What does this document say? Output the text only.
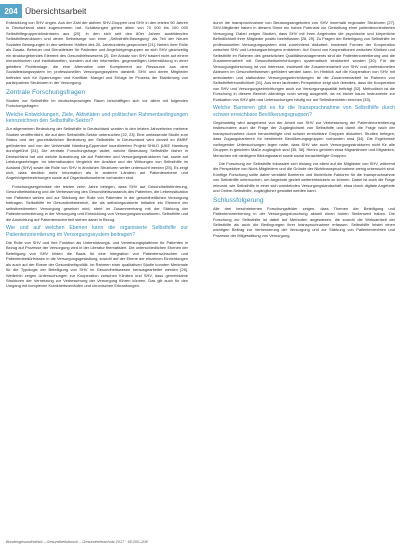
204 Übersichtsarbeit

Entwicklung von SHV ungen. Aus der Zahl der aktiven SHV-Gruppen und SHV in den letzten 50 Jahren in Deutschland stark zugenommen hat. Schätzungen gehen allein von 70 000 bis 100 000 Selbsthilfegruppenbündnissen aus [20]. In den sich seit den 80er Jahren ausbildenden Selbsthilfestrukturen und deren Selbstsorge von einer „Selbsthilfe-Bewegung“ als Teil der Neuen Sozialen Bewegungen in den weiteren Hälften des 20. Jahrhunderts gesprochen [21]. Neben ihrer Rolle als Zusatz- Betreuer und Dienstleister für Patienten und Angehörigengruppen an sich SHV gleichzeitig ein strukturgebendes Element des Gesundheitswesens [2]. Der Ansatz von SHV basiert nicht auf einem hierarchischen und institutionellen, sondern auf der informellen, gegenseitigen Unterstützung in einer geteilten Problemlage, die eine Alternative oder Komplement zur Ressource aus dem Sozialleistungssystem im professionellen Versorgungssystem darstellt. SHV und deren Mitglieder befinden sich für Spannungen und Konflikte. Mangel und Erfolge im Prozess der Etablierung von partizipativen Strukturen in der Versorgung.

Zentrale Forschungsfragen

Studien zur Selbsthilfe im deutschsprachigen Raum beschäftigen sich vor allem mit folgenden Forschungsfragen:

Welche Entwicklungen, Ziele, Aktivitäten und politischen Rahmenbedingungen kennzeichnen den Selbsthilfe-Sektor?

Zur allgemeinen Bedeutung der Selbsthilfe in Deutschland wurden in den letzten Jahrzehnten mehrere Studien veröffentlicht, die auf dem Selbsthilfe-Sektor untersuchen [22, 23]. Eine umfassende Studie zum Status und der grundsätzlichen Bedeutung der Selbsthilfe in Deutschland wird derzeit im BMBF geförderten und von der Universität Hamburg-Eppendorf koordinierten Projekt SHILD (UKE Hamburg durchgeführt [24]. Die zentrale Forschungsfrage lautet, welche Bedeutung Selbsthilfe bisher in Deutschland hat und welche Auswirkung sie auf Patienten und Versorgungsstrukturen hat, sowie auf Leistungserbringer. Im internationalen Vergleich der Ansätze und der Wirkungen von Selbsthilfe im Ausland (SHV) sowie die Rolle von SHV in ähnlichen Strukturen weiter untersucht werden [25]. Es zeigt sich, dass deutlich mehr Information als in anderen Ländern auf Patientenebene und Angehörigenbeziehungen sowie auf Organisationsebene vorhanden sind.

Forschungsergebnisse der letzten zehn Jahre belegen, dass SHV auf Gesundheitsförderung, Gesundheitsbildung und die Verbesserung des Gesundheitszustands des Patienten, die Lebenssituation von Patienten wirken und zur Stärkung der Rolle von Patienten in der gesundheitlichen Versorgung beitragen. Selbsthilfe im Gesundheitsbereich, die als selbstorganisierte Initiative ein Element der selbstbestimmten Versorgung gesehen wird, steht im Zusammenhang mit der Stärkung der Patientenorientierung in der Versorgung und Entwicklung von Versorgungsinnovationen. Selbsthilfe und die Ausrichtung auf Patientensicherheit stehen dabei in Bezug.

Wie und auf welchen Ebenen kann die organisierte Selbsthilfe zur Patientenorientierung im Versorgungssystem beitragen?

Die Rolle von SHV und ihre Funktion als Unterstützungs- und Vernetzungsplattform für Patienten in Bezug auf Prozesse der Versorgung wird in der Literatur thematisiert. Die unterschiedlichen Ebenen der Beteiligung von SHV bilden die Basis für eine Integration von Patientenwünschen und Patientenbedürfnissen in die Versorgungsgestaltung, sowohl auf der Ebene der einzelnen Einrichtungen als auch auf der Ebene der Gesundheitspolitik. Im Rahmen einer qualitativen Studie konnten Merkmale für die Typologie der Beteiligung von SHV im Gesundheitswesen herausgearbeitet werden [26]. Weiterhin zeigen Untersuchungen zur Kooperation zwischen Kliniken und SHV, dass gemeinsame Strukturen der Vernetzung zur Verbesserung der Versorgung führen können. Das gilt auch für den Umgang mit komplexen Krankheitsverläufen und chronischen Erkrankungen.

durch die Inanspruchnahme von Beratungsangeboten von SHV innerhalb regionaler Strukturen [27]. SHV-Mitglieder haben in diesem Sinne ein hohes Potenzial zur Gestaltung einer patientenorientierten Versorgung. Dabei zeigen Studien, dass SHV mit ihren Angeboten die psychische und körperliche Befindlichkeit ihrer Mitglieder positiv beeinflussen [28, 29]. Zu Fragen der Beteiligung von Selbsthilfe im professionellen Versorgungssystem wird zunehmend diskutiert, inwieweit Formen der Kooperation zwischen SHV und Leistungserbringern entstehen. Auf Grund von Kooperationen zwischen Kliniken und Selbsthilfe im Rahmen des gesetzlichen Qualitätsmanagements sind die Patientenorientierung und die Zusammenarbeit mit Gesundheitseinrichtungen systematisch strukturiert worden [30]. Für die Versorgungsforschung ist von Interesse, inwieweit die Zusammenarbeit von SHV und professionellen Akteuren im Gesundheitswesen gefördert werden kann. Im Hinblick auf die Kooperation von SHV mit ambulanten und stationären Versorgungseinrichtungen ist die Zusammenarbeit im Rahmen von Selbsthilfefreundlichkeit [31]. Aus einer laufenden Perspektive zeigt sich überdies, dass die Kooperation von SHV und Versorgungseinrichtungen auch zur Versorgungsqualität beiträgt [32]. Methodisch ist die Forschung in diesem Bereich allerdings noch wenig ausgereift, da es bisher kaum Instrumente zur Evaluation von SHV gibt und Untersuchungen häufig nur auf Selbstberichten beruhen [33].

Welche Barrieren gibt es für die Inanspruchnahme von Selbsthilfe durch schwer erreichbare Bevölkerungsgruppen?

Gegenwärtig wird ausgehend von der Arbeit von SHV zur Verbesserung der Patientenorientierung insbesondere auch die Frage der Zugänglichkeit von Selbsthilfe und damit die Frage nach der Inanspruchnahme durch benachteiligte und schwer erreichbare Gruppen diskutiert. Studien belegen, dass Zugangsbarrieren für bestimmte Bevölkerungsgruppen vorhanden sind [34]. Die Ergebnisse vorliegender Untersuchungen legen nahe, dass SHV wie auch Versorgungsstrukturen nicht für alle Gruppen in gleichem Maße zugänglich sind [35, 36]. Hierzu gehören etwa Migrantinnen und Migranten, Menschen mit niedrigem Bildungsstand sowie sozial benachteiligte Gruppen.

Die Forschung zur Selbsthilfe fokussiert sich bislang vor allem auf die Mitglieder von SHV, während die Perspektive von Nicht-Mitgliedern und die Gründe der Nichtinanspruchnahme wenig untersucht sind. Künftige Forschung sollte daher verstärkt Barrieren und förderliche Faktoren für die Inanspruchnahme von Selbsthilfe untersuchen, um Angebote gezielt weiterentwickeln zu können. Dabei ist auch die Frage relevant, wie Selbsthilfe in einer sich wandelnden Versorgungslandschaft, etwa durch digitale Angebote und Online-Selbsthilfe, zugänglicher gestaltet werden kann.

Schlussfolgerung

Alle drei beschriebenen Forschungsfelder zeigen, dass Themen der Beteiligung und Patientenorientierung in der Versorgungsforschung aktuell einen hohen Stellenwert haben. Die Forschung zur Selbsthilfe ist dabei auf Methoden angewiesen, die sowohl die Wirksamkeit der Selbsthilfe als auch die Bedingungen ihrer Inanspruchnahme erfassen. Selbsthilfe leistet einen wichtigen Beitrag zur Verbesserung der Versorgung und zur Stärkung von Patientenrechten und Prozesse der Mitgestaltung von Versorgung.

Bundesgesundheitsbl – Gesundheitsforsch – Gesundheitsschutz 2017 · 60:200–208
